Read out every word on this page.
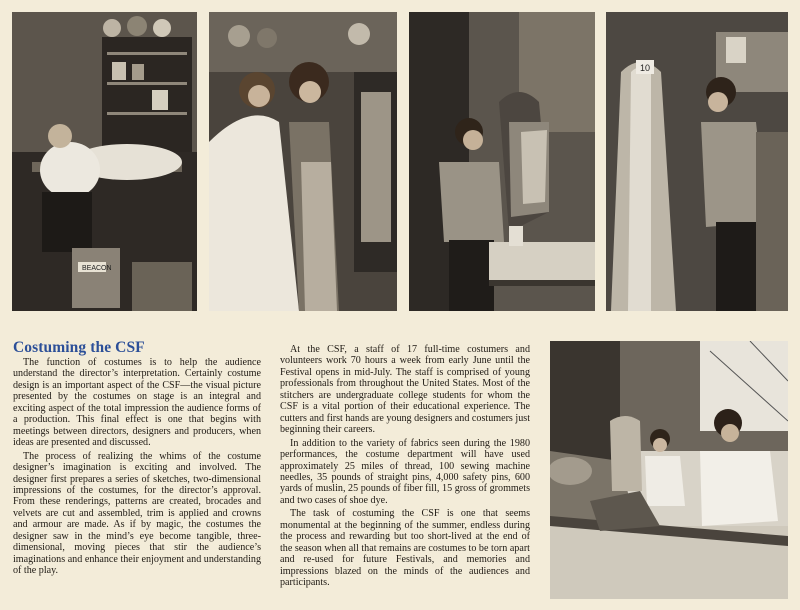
BEACON
10
Costuming the CSF

The function of costumes is to help the audience understand the director’s interpretation. Certainly costume design is an important aspect of the CSF—the visual picture presented by the costumes on stage is an integral and exciting aspect of the total impression the audience forms of a production. This final effect is one that begins with meetings between directors, designers and producers, when ideas are presented and discussed.

The process of realizing the whims of the costume designer’s imagination is exciting and involved. The designer first prepares a series of sketches, two-dimensional impressions of the costumes, for the director’s approval. From these renderings, patterns are created, brocades and velvets are cut and assembled, trim is applied and crowns and armour are made. As if by magic, the costumes the designer saw in the mind’s eye become tangible, three-dimensional, moving pieces that stir the audience’s imaginations and enhance their enjoyment and understanding of the play.

At the CSF, a staff of 17 full-time costumers and volunteers work 70 hours a week from early June until the Festival opens in mid-July. The staff is comprised of young professionals from throughout the United States. Most of the stitchers are undergraduate college students for whom the CSF is a vital portion of their educational experience. The cutters and first hands are young designers and costumers just beginning their careers.

In addition to the variety of fabrics seen during the 1980 performances, the costume department will have used approximately 25 miles of thread, 100 sewing machine needles, 35 pounds of straight pins, 4,000 safety pins, 600 yards of muslin, 25 pounds of fiber fill, 15 gross of grommets and two cases of shoe dye.

The task of costuming the CSF is one that seems monumental at the beginning of the summer, endless during the process and rewarding but too short-lived at the end of the season when all that remains are costumes to be torn apart and re-used for future Festivals, and memories and impressions blazed on the minds of the audiences and participants.
